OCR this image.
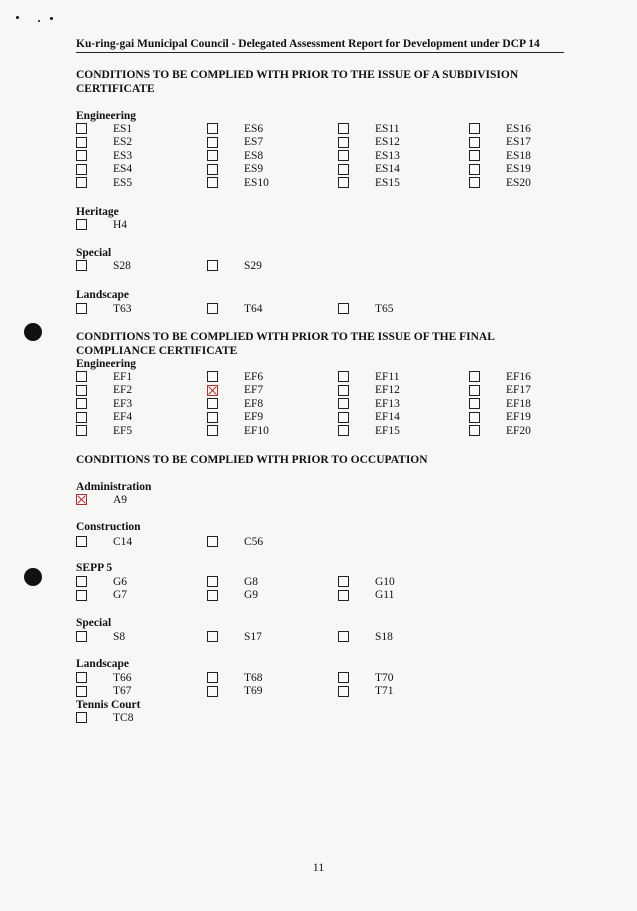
Ku-ring-gai Municipal Council - Delegated Assessment Report for Development under DCP 14
CONDITIONS TO BE COMPLIED WITH PRIOR TO THE ISSUE OF A SUBDIVISION CERTIFICATE
Engineering
ES1	ES6	ES11	ES16
ES2	ES7	ES12	ES17
ES3	ES8	ES13	ES18
ES4	ES9	ES14	ES19
ES5	ES10	ES15	ES20
Heritage
H4
Special
S28	S29
Landscape
T63	T64	T65
CONDITIONS TO BE COMPLIED WITH PRIOR TO THE ISSUE OF THE FINAL COMPLIANCE CERTIFICATE
Engineering
EF1	EF6	EF11	EF16
EF2	EF7	EF12	EF17
EF3	EF8	EF13	EF18
EF4	EF9	EF14	EF19
EF5	EF10	EF15	EF20
CONDITIONS TO BE COMPLIED WITH PRIOR TO OCCUPATION
Administration
A9
Construction
C14	C56
SEPP 5
G6	G8	G10
G7	G9	G11
Special
S8	S17	S18
Landscape
T66	T68	T70
T67	T69	T71
Tennis Court
TC8
11
